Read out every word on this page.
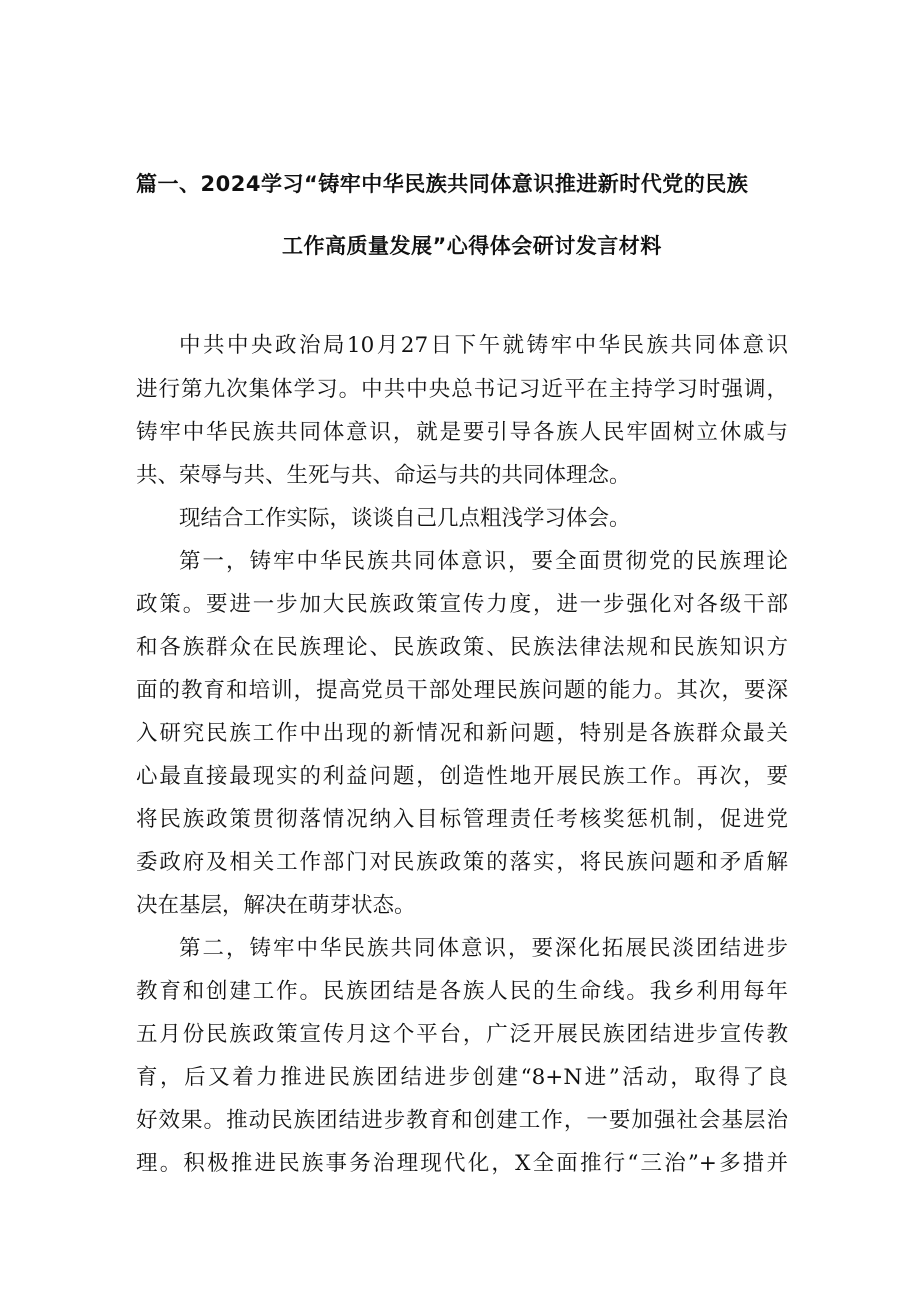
篇一、2024学习“铸牢中华民族共同体意识推进新时代党的民族
工作高质量发展”心得体会研讨发言材料
中共中央政治局10月27日下午就铸牢中华民族共同体意识
进行第九次集体学习。中共中央总书记习近平在主持学习时强调，
铸牢中华民族共同体意识，就是要引导各族人民牢固树立休戚与
共、荣辱与共、生死与共、命运与共的共同体理念。
现结合工作实际，谈谈自己几点粗浅学习体会。
第一，铸牢中华民族共同体意识，要全面贯彻党的民族理论
政策。要进一步加大民族政策宣传力度，进一步强化对各级干部
和各族群众在民族理论、民族政策、民族法律法规和民族知识方
面的教育和培训，提高党员干部处理民族问题的能力。其次，要深
入研究民族工作中出现的新情况和新问题，特别是各族群众最关
心最直接最现实的利益问题，创造性地开展民族工作。再次，要
将民族政策贯彻落情况纳入目标管理责任考核奖惩机制，促进党
委政府及相关工作部门对民族政策的落实，将民族问题和矛盾解
决在基层，解决在萌芽状态。
第二，铸牢中华民族共同体意识，要深化拓展民淡团结进步
教育和创建工作。民族团结是各族人民的生命线。我乡利用每年
五月份民族政策宣传月这个平台，广泛开展民族团结进步宣传教
育，后又着力推进民族团结进步创建“8+N进”活动，取得了良
好效果。推动民族团结进步教育和创建工作，一要加强社会基层治
理。积极推进民族事务治理现代化，X全面推行“三治”+多措并
